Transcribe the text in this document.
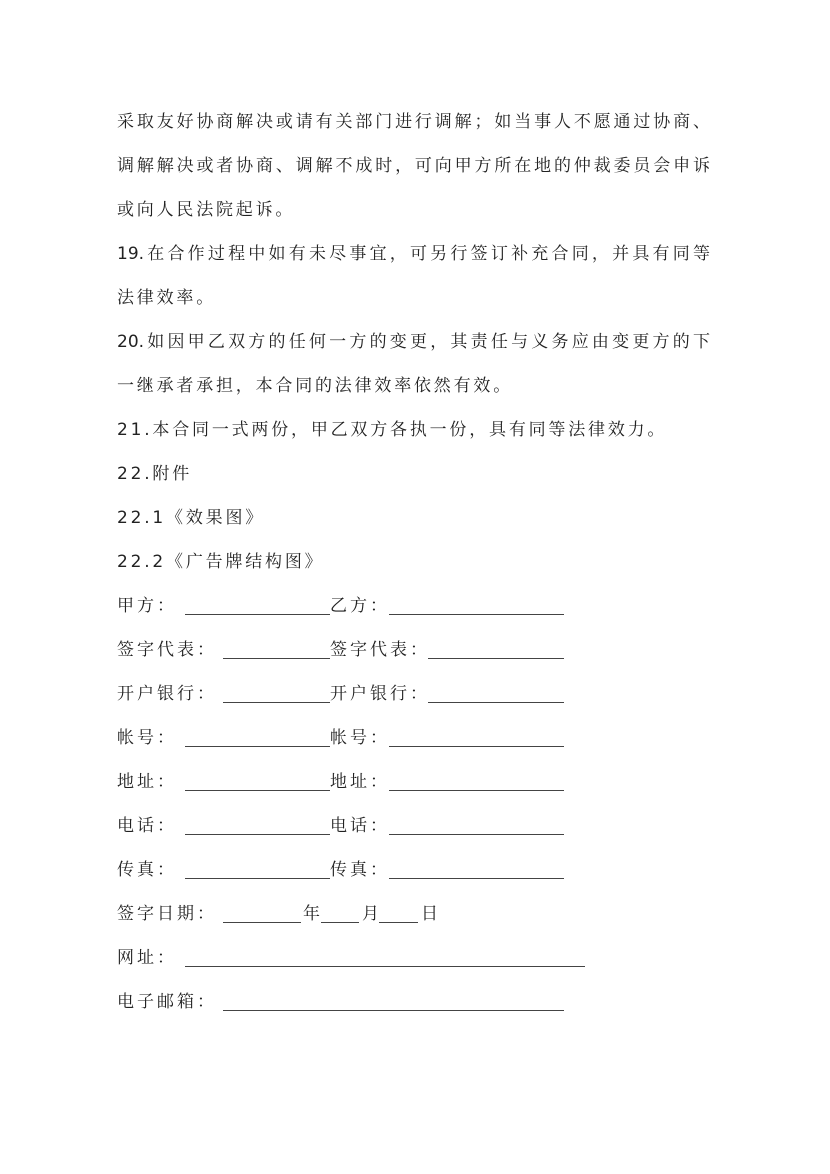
采取友好协商解决或请有关部门进行调解；如当事人不愿通过协商、
调解解决或者协商、调解不成时，可向甲方所在地的仲裁委员会申诉
或向人民法院起诉。
19.在合作过程中如有未尽事宜，可另行签订补充合同，并具有同等
法律效率。
20.如因甲乙双方的任何一方的变更，其责任与义务应由变更方的下
一继承者承担，本合同的法律效率依然有效。
21.本合同一式两份，甲乙双方各执一份，具有同等法律效力。
22.附件
22.1《效果图》
22.2《广告牌结构图》
甲方：	乙方：
签字代表：	签字代表：
开户银行：	开户银行：
帐号：	帐号：
地址：	地址：
电话：	电话：
传真：	传真：
签字日期：	年 月 日
网址：
电子邮箱：
